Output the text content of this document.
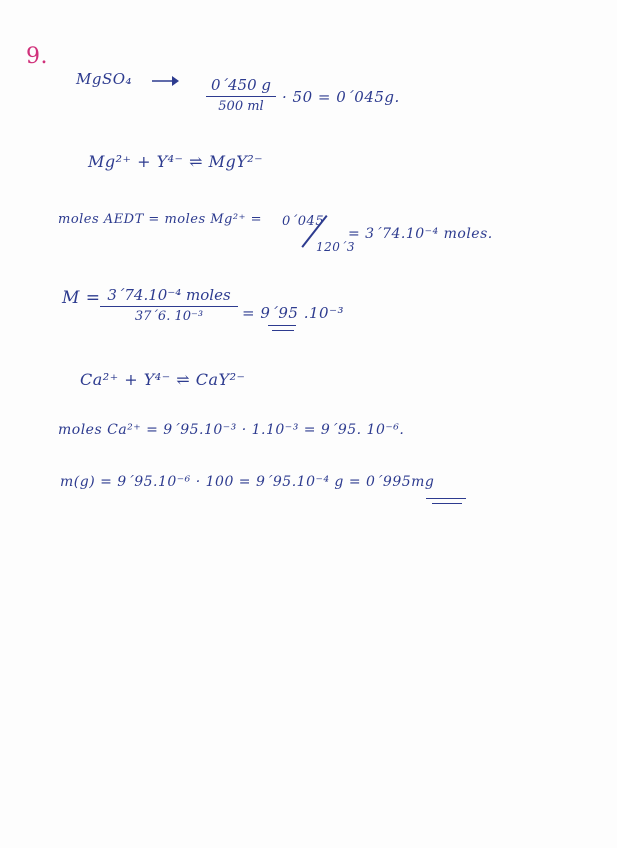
9.
MgSO₄ →	0´450 g
500 ml
· 50 = 0´045g.
Mg²⁺ + Y⁴⁻ ⇌ MgY²⁻
moles AEDT = moles Mg²⁺ = 0´045
120´3
= 3´74.10⁻⁴ moles.
M = 3´74.10⁻⁴ moles
37´6. 10⁻³	= 9´95 .10⁻³
Ca²⁺ + Y⁴⁻ ⇌ CaY²⁻
moles Ca²⁺ = 9´95.10⁻³ · 1.10⁻³ = 9´95. 10⁻⁶.
m(g) = 9´95.10⁻⁶ · 100 = 9´95.10⁻⁴ g = 0´995mg
